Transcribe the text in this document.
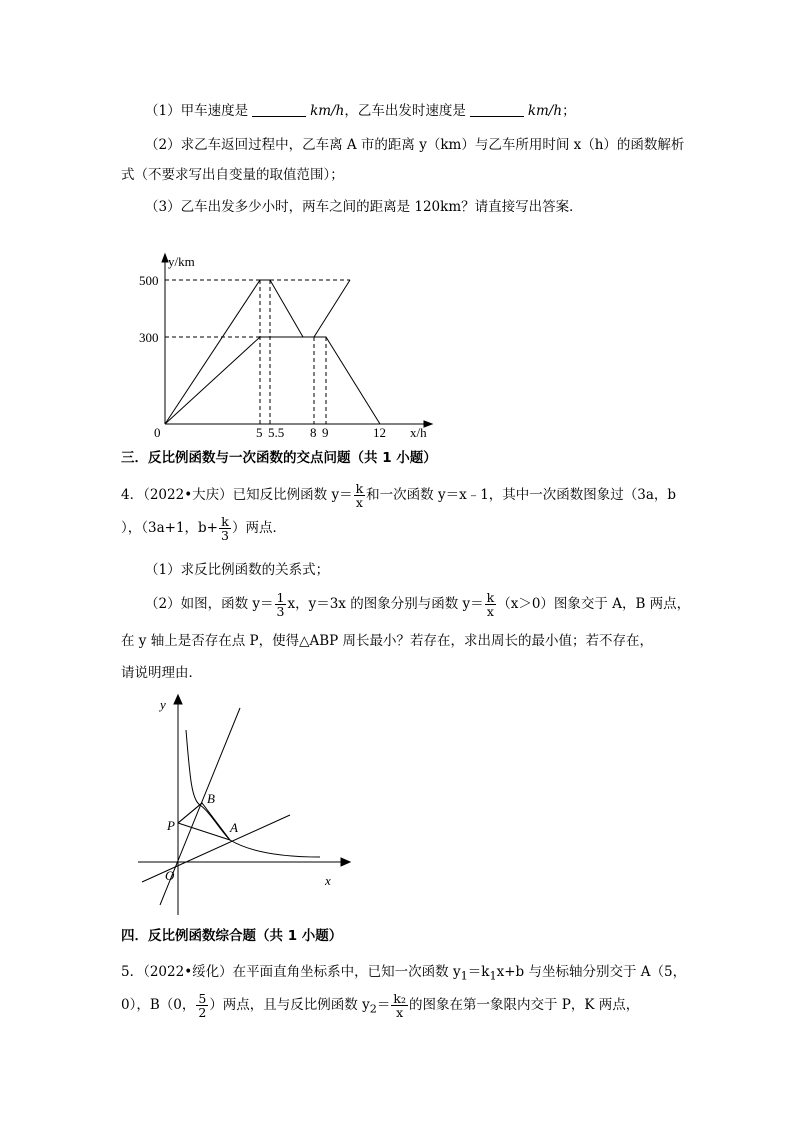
（1）甲车速度是	km/h，乙车出发时速度是	km/h；
（2）求乙车返回过程中，乙车离 A 市的距离 y（km）与乙车所用时间 x（h）的函数解析
式（不要求写出自变量的取值范围）；
（3）乙车出发多少小时，两车之间的距离是 120km？请直接写出答案．
y/km
x/h
0
500
300
5 5.5 8 9	12
三．反比例函数与一次函数的交点问题（共 1 小题）
4．（2022•大庆）已知反比例函数 $y= \frac{k}{x}$ 和一次函数 y＝x﹣1，其中一次函数图象过（3a，b
），（3a+1，$b+ \frac{k}{3}$ ）两点．
（1）求反比例函数的关系式；
（2）如图，函数 $y= \frac{1}{3}$ x，y＝3x 的图象分别与函数 $y= \frac{k}{x} (x>0)$图象交于 A，B 两点，
在 y 轴上是否存在点 P，使得△ABP 周长最小？若存在，求出周长的最小值；若不存在，
请说明理由．
y
x
O
A
B
P
四．反比例函数综合题（共 1 小题）
5．（2022•绥化）在平面直角坐标系中，已知一次函数 $y_1=k_1x+b$ 与坐标轴分别交于 A（5，
0），B（0， $\frac{5}{2}$ ）两点，且与反比例函数 $y_2= \frac{\text{k₂}}{x}$ 的图象在第一象限内交于 P，K 两点，
